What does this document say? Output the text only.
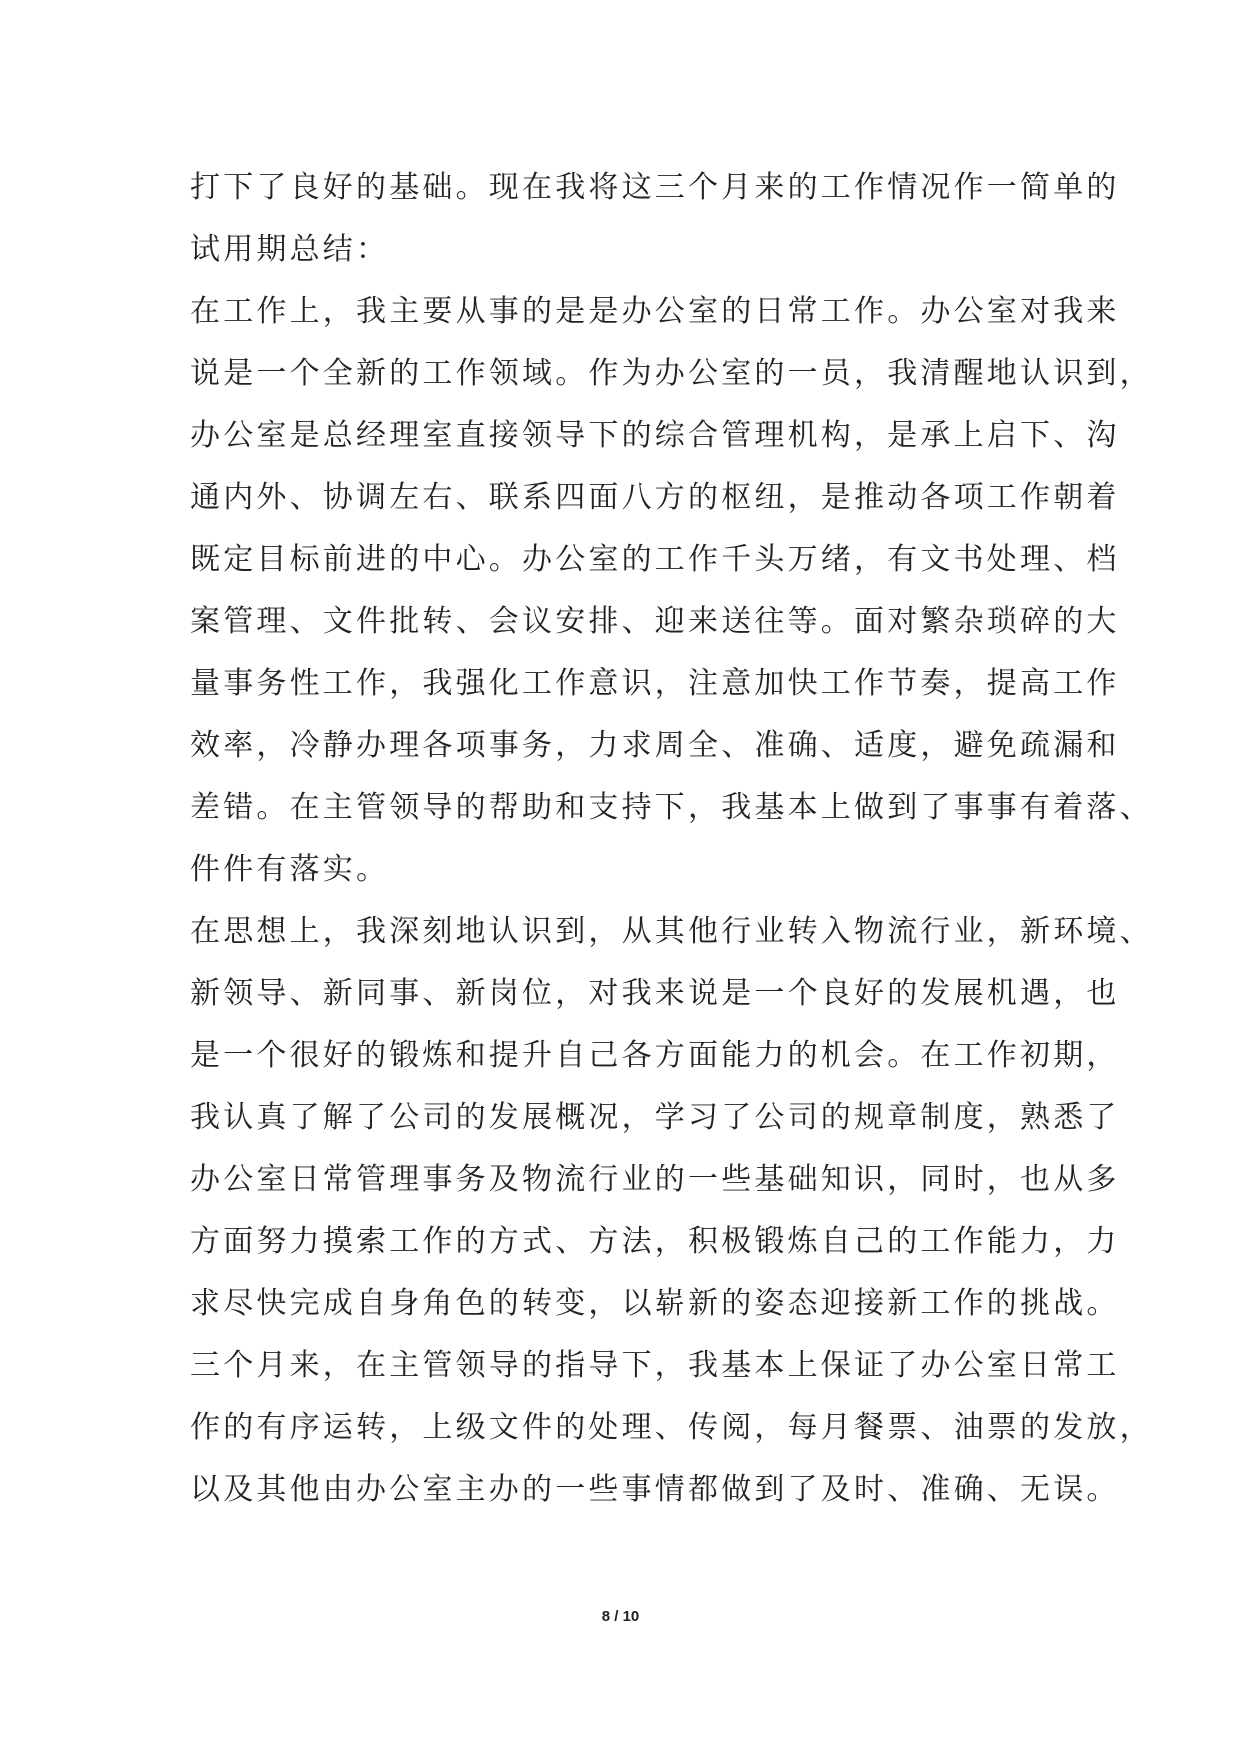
打下了良好的基础。现在我将这三个月来的工作情况作一简单的
试用期总结：
在工作上，我主要从事的是是办公室的日常工作。办公室对我来
说是一个全新的工作领域。作为办公室的一员，我清醒地认识到，
办公室是总经理室直接领导下的综合管理机构，是承上启下、沟
通内外、协调左右、联系四面八方的枢纽，是推动各项工作朝着
既定目标前进的中心。办公室的工作千头万绪，有文书处理、档
案管理、文件批转、会议安排、迎来送往等。面对繁杂琐碎的大
量事务性工作，我强化工作意识，注意加快工作节奏，提高工作
效率，冷静办理各项事务，力求周全、准确、适度，避免疏漏和
差错。在主管领导的帮助和支持下，我基本上做到了事事有着落、
件件有落实。
在思想上，我深刻地认识到，从其他行业转入物流行业，新环境、
新领导、新同事、新岗位，对我来说是一个良好的发展机遇，也
是一个很好的锻炼和提升自己各方面能力的机会。在工作初期，
我认真了解了公司的发展概况，学习了公司的规章制度，熟悉了
办公室日常管理事务及物流行业的一些基础知识，同时，也从多
方面努力摸索工作的方式、方法，积极锻炼自己的工作能力，力
求尽快完成自身角色的转变，以崭新的姿态迎接新工作的挑战。
三个月来，在主管领导的指导下，我基本上保证了办公室日常工
作的有序运转，上级文件的处理、传阅，每月餐票、油票的发放，
以及其他由办公室主办的一些事情都做到了及时、准确、无误。
8 / 10
